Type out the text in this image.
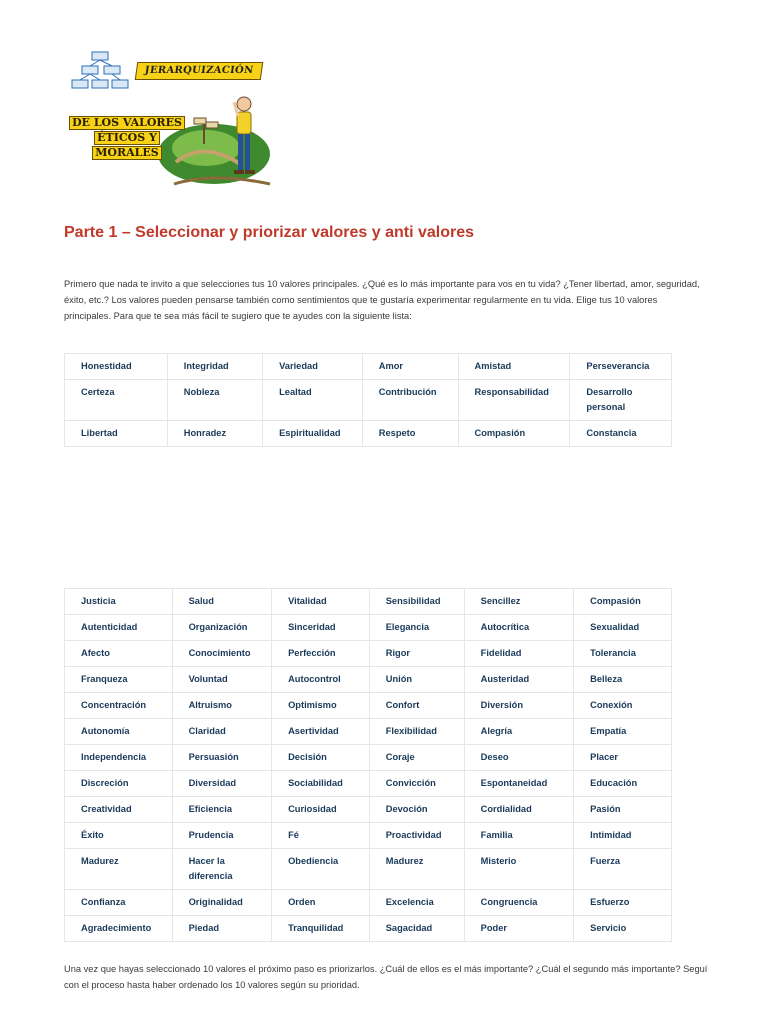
JERARQUIZACIÓN
DE LOS VALORES
ÉTICOS Y
MORALES
Parte 1 – Seleccionar y priorizar valores y anti valores

Primero que nada te invito a que selecciones tus 10 valores principales. ¿Qué es lo más importante para vos en tu vida? ¿Tener libertad, amor, seguridad, éxito, etc.? Los valores pueden pensarse también como sentimientos que te gustaría experimentar regularmente en tu vida. Elige tus 10 valores principales. Para que te sea más fácil te sugiero que te ayudes con la siguiente lista:

Honestidad	Integridad	Variedad	Amor	Amistad	Perseverancia
Certeza	Nobleza	Lealtad	Contribución	Responsabilidad	Desarrollo personal
Libertad	Honradez	Espiritualidad	Respeto	Compasión	Constancia
Justicia	Salud	Vitalidad	Sensibilidad	Sencillez	Compasión
Autenticidad	Organización	Sinceridad	Elegancia	Autocrítica	Sexualidad
Afecto	Conocimiento	Perfección	Rigor	Fidelidad	Tolerancia
Franqueza	Voluntad	Autocontrol	Unión	Austeridad	Belleza
Concentración	Altruismo	Optimismo	Confort	Diversión	Conexión
Autonomía	Claridad	Asertividad	Flexibilidad	Alegría	Empatía
Independencia	Persuasión	Decisión	Coraje	Deseo	Placer
Discreción	Diversidad	Sociabilidad	Convicción	Espontaneidad	Educación
Creatividad	Eficiencia	Curiosidad	Devoción	Cordialidad	Pasión
Éxito	Prudencia	Fé	Proactividad	Familia	Intimidad
Madurez	Hacer la diferencia	Obediencia	Madurez	Misterio	Fuerza
Confianza	Originalidad	Orden	Excelencia	Congruencia	Esfuerzo
Agradecimiento	Piedad	Tranquilidad	Sagacidad	Poder	Servicio

Una vez que hayas seleccionado 10 valores el próximo paso es priorizarlos. ¿Cuál de ellos es el más importante? ¿Cuál el segundo más importante? Seguí con el proceso hasta haber ordenado los 10 valores según su prioridad.
